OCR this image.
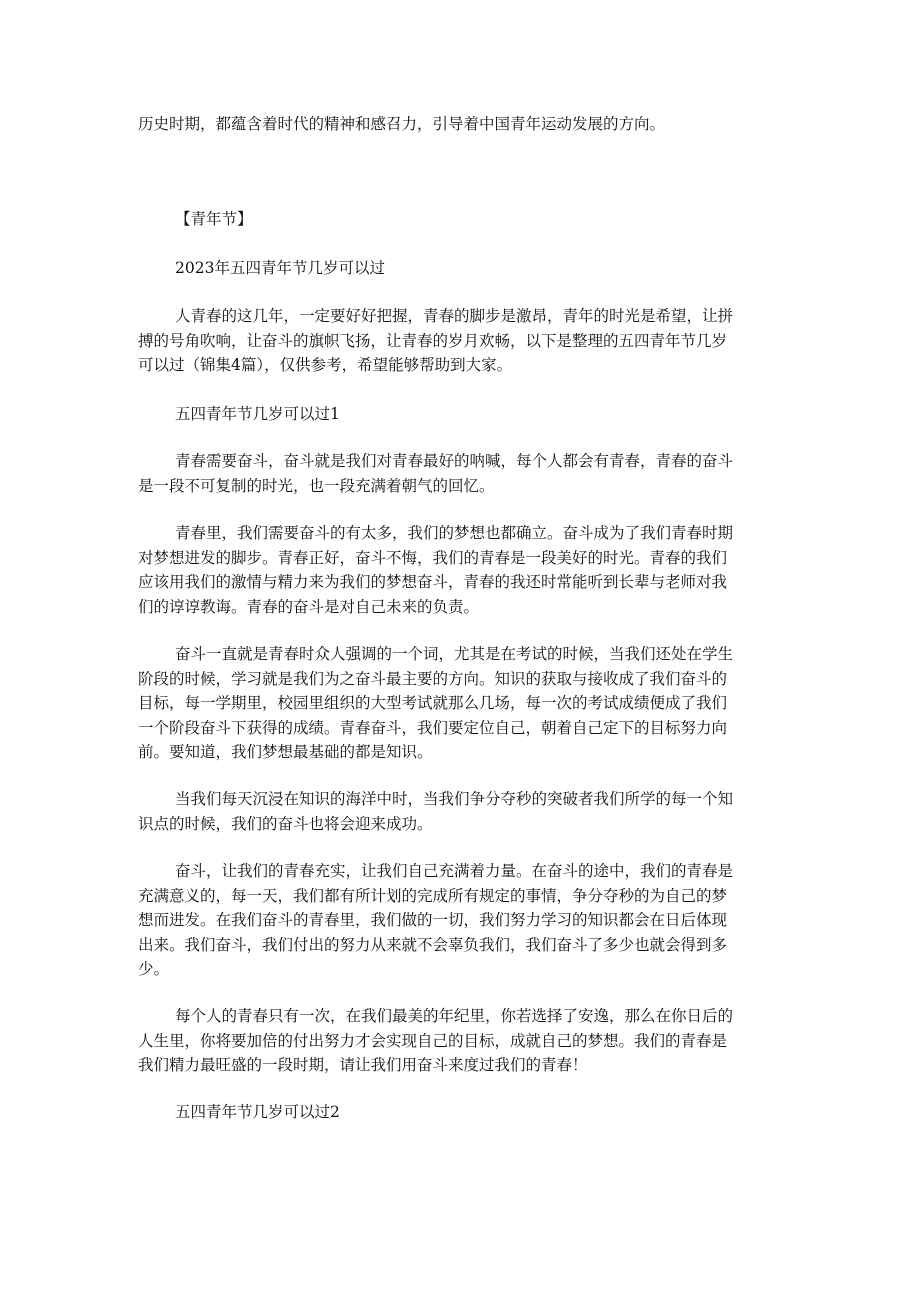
历史时期，都蕴含着时代的精神和感召力，引导着中国青年运动发展的方向。
【青年节】
2023年五四青年节几岁可以过
人青春的这几年，一定要好好把握，青春的脚步是激昂，青年的时光是希望，让拼
搏的号角吹响，让奋斗的旗帜飞扬，让青春的岁月欢畅，以下是整理的五四青年节几岁
可以过（锦集4篇），仅供参考，希望能够帮助到大家。
五四青年节几岁可以过1
青春需要奋斗，奋斗就是我们对青春最好的呐喊，每个人都会有青春，青春的奋斗
是一段不可复制的时光，也一段充满着朝气的回忆。
青春里，我们需要奋斗的有太多，我们的梦想也都确立。奋斗成为了我们青春时期
对梦想进发的脚步。青春正好，奋斗不悔，我们的青春是一段美好的时光。青春的我们
应该用我们的激情与精力来为我们的梦想奋斗，青春的我还时常能听到长辈与老师对我
们的谆谆教诲。青春的奋斗是对自己未来的负责。
奋斗一直就是青春时众人强调的一个词，尤其是在考试的时候，当我们还处在学生
阶段的时候，学习就是我们为之奋斗最主要的方向。知识的获取与接收成了我们奋斗的
目标，每一学期里，校园里组织的大型考试就那么几场，每一次的考试成绩便成了我们
一个阶段奋斗下获得的成绩。青春奋斗，我们要定位自己，朝着自己定下的目标努力向
前。要知道，我们梦想最基础的都是知识。
当我们每天沉浸在知识的海洋中时，当我们争分夺秒的突破者我们所学的每一个知
识点的时候，我们的奋斗也将会迎来成功。
奋斗，让我们的青春充实，让我们自己充满着力量。在奋斗的途中，我们的青春是
充满意义的，每一天，我们都有所计划的完成所有规定的事情，争分夺秒的为自己的梦
想而进发。在我们奋斗的青春里，我们做的一切，我们努力学习的知识都会在日后体现
出来。我们奋斗，我们付出的努力从来就不会辜负我们，我们奋斗了多少也就会得到多
少。
每个人的青春只有一次，在我们最美的年纪里，你若选择了安逸，那么在你日后的
人生里，你将要加倍的付出努力才会实现自己的目标，成就自己的梦想。我们的青春是
我们精力最旺盛的一段时期，请让我们用奋斗来度过我们的青春！
五四青年节几岁可以过2
